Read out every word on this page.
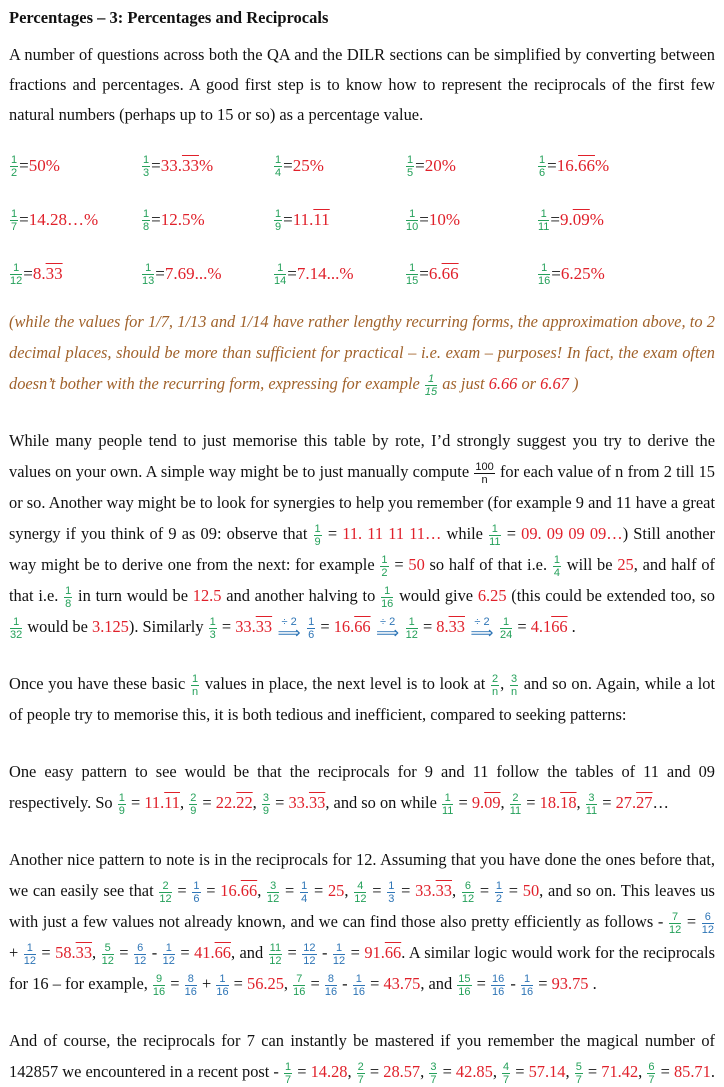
Percentages – 3: Percentages and Reciprocals

A number of questions across both the QA and the DILR sections can be simplified by converting between fractions and percentages. A good first step is to know how to represent the reciprocals of the first few natural numbers (perhaps up to 15 or so) as a percentage value.

$\frac{1}{2} = 50\%$	$\frac{1}{3} = 33$. 33 %	$\frac{1}{4} = 25\%$	$\frac{1}{5} = 20\%$	$\frac{1}{6} = 16$. 66 %
$\frac{1}{7}$ = 14.28…%	$\frac{1}{8} = 12.5\%$	$\frac{1}{9} = 11$. 11	$\frac{1}{10} = 10\%$	$\frac{1}{11} = 9$. 09 %
$\frac{1}{12} = 8$. 33	$\frac{1}{13} = 7.69...\%$	$\frac{1}{14} = 7.14...\%$	$\frac{1}{15} = 6$. 66	$\frac{1}{16} = 6.25\%$

(while the values for 1/7, 1/13 and 1/14 have rather lengthy recurring forms, the approximation above, to 2 decimal places, should be more than sufficient for practical – i.e. exam – purposes! In fact, the exam often doesn’t bother with the recurring form, expressing for example $\frac{1}{15}$ as just 6.66 or 6.67 )

While many people tend to just memorise this table by rote, I’d strongly suggest you try to derive the values on your own. A simple way might be to just manually compute $\frac{100}{n}$ for each value of n from 2 till 15 or so. Another way might be to look for synergies to help you remember (for example 9 and 11 have a great synergy if you think of 9 as 09: observe that $\frac{1}{9} = 11$. 11 11 11… while $\frac{1}{11} = 09$. 09 09 09…) Still another way might be to derive one from the next: for example $\frac{1}{2} = 50$ so half of that i.e. $\frac{1}{4}$ will be 25, and half of that i.e. $\frac{1}{8}$ in turn would be 12.5 and another halving to $\frac{1}{16}$ would give 6.25 (this could be extended too, so
$\frac{1}{32}$ would be 3.125). Similarly $\frac{1}{3} = 33.33 \div 2$
⟹ $\frac{1}{6} = 16.66 \div 2$
⟹ $\frac{1}{12} = 8.33 \div 2$
⟹ $\frac{1}{24} = 4.166$ .

Once you have these basic $\frac{1}{n}$ values in place, the next level is to look at $\frac{2}{n}$ , $\frac{3}{n}$ and so on. Again, while a lot of people try to memorise this, it is both tedious and inefficient, compared to seeking patterns:

One easy pattern to see would be that the reciprocals for 9 and 11 follow the tables of 11 and 09 respectively. So $\frac{1}{9} = 11.11$, $\frac{2}{9} = 22.22$, $\frac{3}{9} = 33.33$, and so on while $\frac{1}{11} = 9.09$, $\frac{2}{11} = 18.18$, $\frac{3}{11}$ = 27.27…

Another nice pattern to note is in the reciprocals for 12. Assuming that you have done the ones before that, we can easily see that $\frac{2}{12} = \frac{1}{6} = 16.66$, $\frac{3}{12} = \frac{1}{4} = 25$, $\frac{4}{12} = \frac{1}{3} = 33.33$, $\frac{6}{12} = \frac{1}{2} = 50$, and so on. This leaves us with just a few values not already known, and we can find those also pretty efficiently as follows - $\frac{7}{12} = \frac{6}{12}$
+ $\frac{1}{12} = 58.33$, $\frac{5}{12} = \frac{6}{12} - \frac{1}{12} = 41.66$, and $\frac{11}{12} = \frac{12}{12} - \frac{1}{12} = 91.66$. A similar logic would work for the reciprocals for 16 – for example, $\frac{9}{16} = \frac{8}{16} + \frac{1}{16} = 56.25$, $\frac{7}{16} = \frac{8}{16} - \frac{1}{16} = 43.75$, and $\frac{15}{16} = \frac{16}{16} - \frac{1}{16} = 93.75$ .

And of course, the reciprocals for 7 can instantly be mastered if you remember the magical number of 142857 we encountered in a recent post - $\frac{1}{7} = 14.28$, $\frac{2}{7} = 28.57$, $\frac{3}{7} = 42.85$, $\frac{4}{7} = 57.14$, $\frac{5}{7} = 71.42$, $\frac{6}{7} = 85.71$.
